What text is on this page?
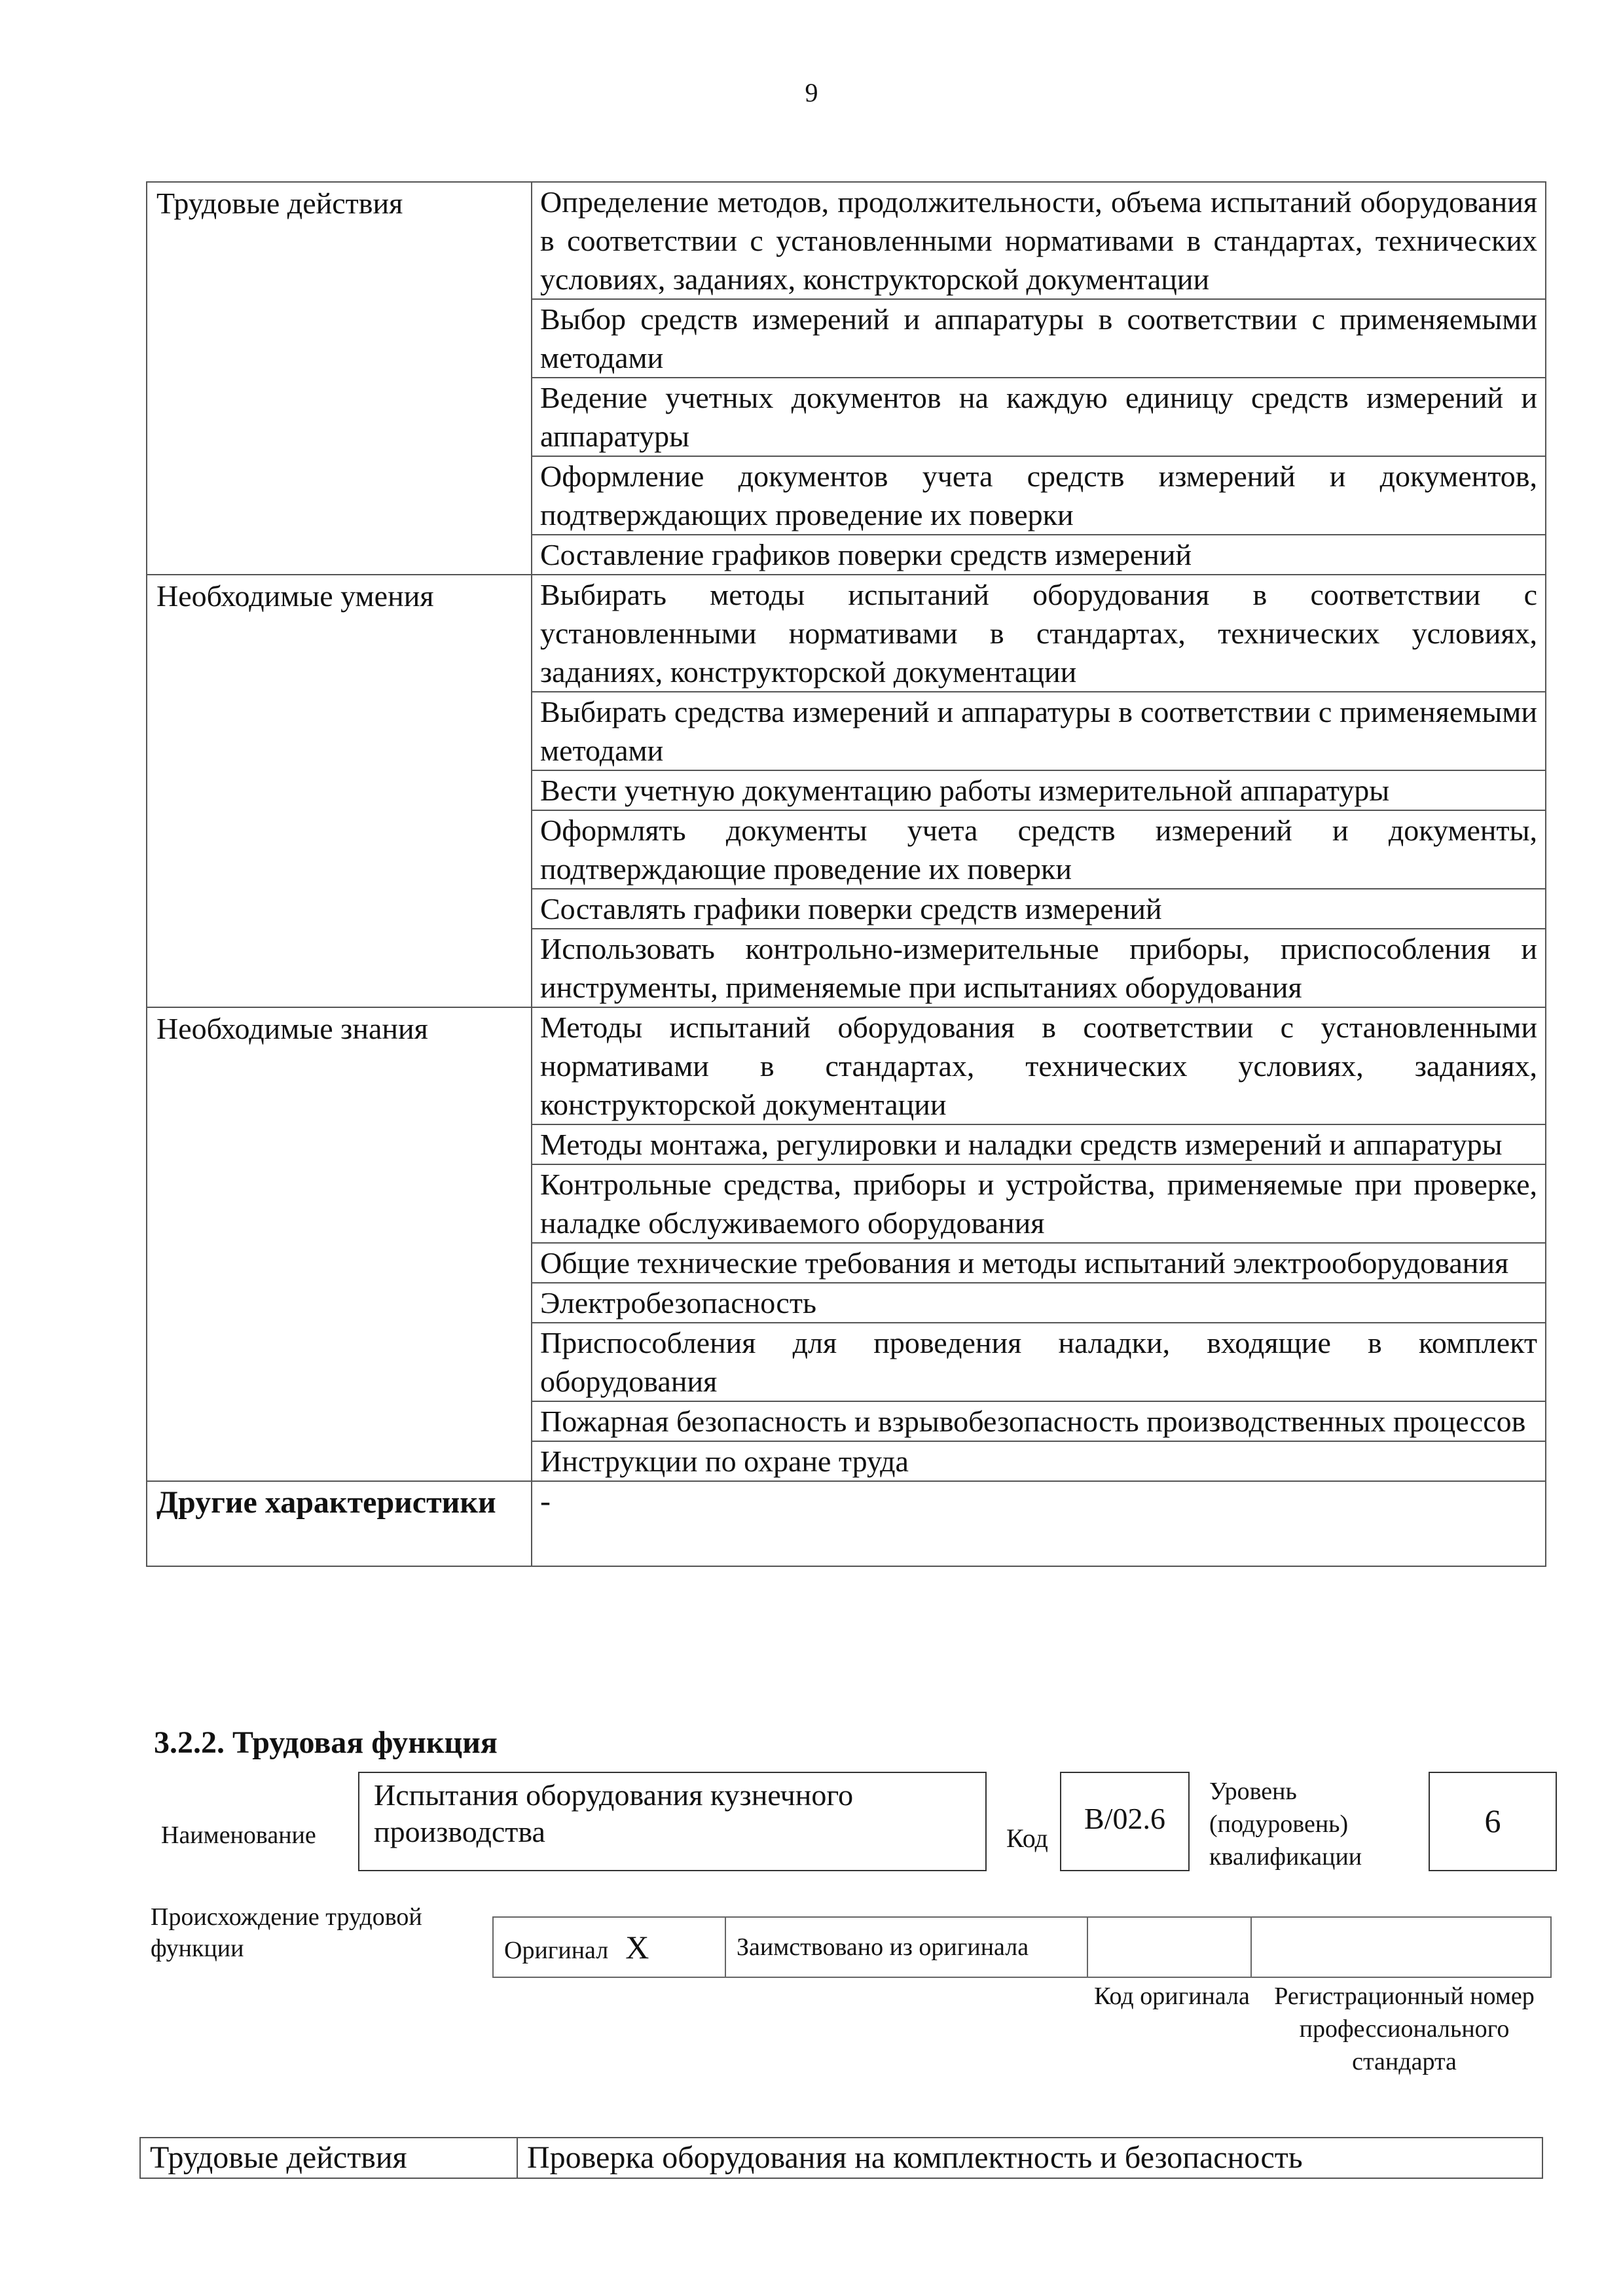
9
Трудовые действия	Определение методов, продолжительности, объема испытаний оборудования в соответствии с установленными нормативами в стандартах, технических условиях, заданиях, конструкторской документации
	Выбор средств измерений и аппаратуры в соответствии с применяемыми методами
	Ведение учетных документов на каждую единицу средств измерений и аппаратуры
	Оформление документов учета средств измерений и документов, подтверждающих проведение их поверки
	Составление графиков поверки средств измерений
Необходимые умения	Выбирать методы испытаний оборудования в соответствии с установленными нормативами в стандартах, технических условиях, заданиях, конструкторской документации
	Выбирать средства измерений и аппаратуры в соответствии с применяемыми методами
	Вести учетную документацию работы измерительной аппаратуры
	Оформлять документы учета средств измерений и документы, подтверждающие проведение их поверки
	Составлять графики поверки средств измерений
	Использовать контрольно-измерительные приборы, приспособления и инструменты, применяемые при испытаниях оборудования
Необходимые знания	Методы испытаний оборудования в соответствии с установленными нормативами в стандартах, технических условиях, заданиях, конструкторской документации
	Методы монтажа, регулировки и наладки средств измерений и аппаратуры
	Контрольные средства, приборы и устройства, применяемые при проверке, наладке обслуживаемого оборудования
	Общие технические требования и методы испытаний электрооборудования
	Электробезопасность
	Приспособления для проведения наладки, входящие в комплект оборудования
	Пожарная безопасность и взрывобезопасность производственных процессов
	Инструкции по охране труда
Другие характеристики	-
3.2.2. Трудовая функция
Наименование
Испытания оборудования кузнечного производства	Код
В/02.6
Уровень (подуровень) квалификации
6
Происхождение трудовой функции	Оригинал X	Заимствовано из оригинала		
Код оригинала Регистрационный номер профессионального стандарта
Трудовые действия	Проверка оборудования на комплектность и безопасность
